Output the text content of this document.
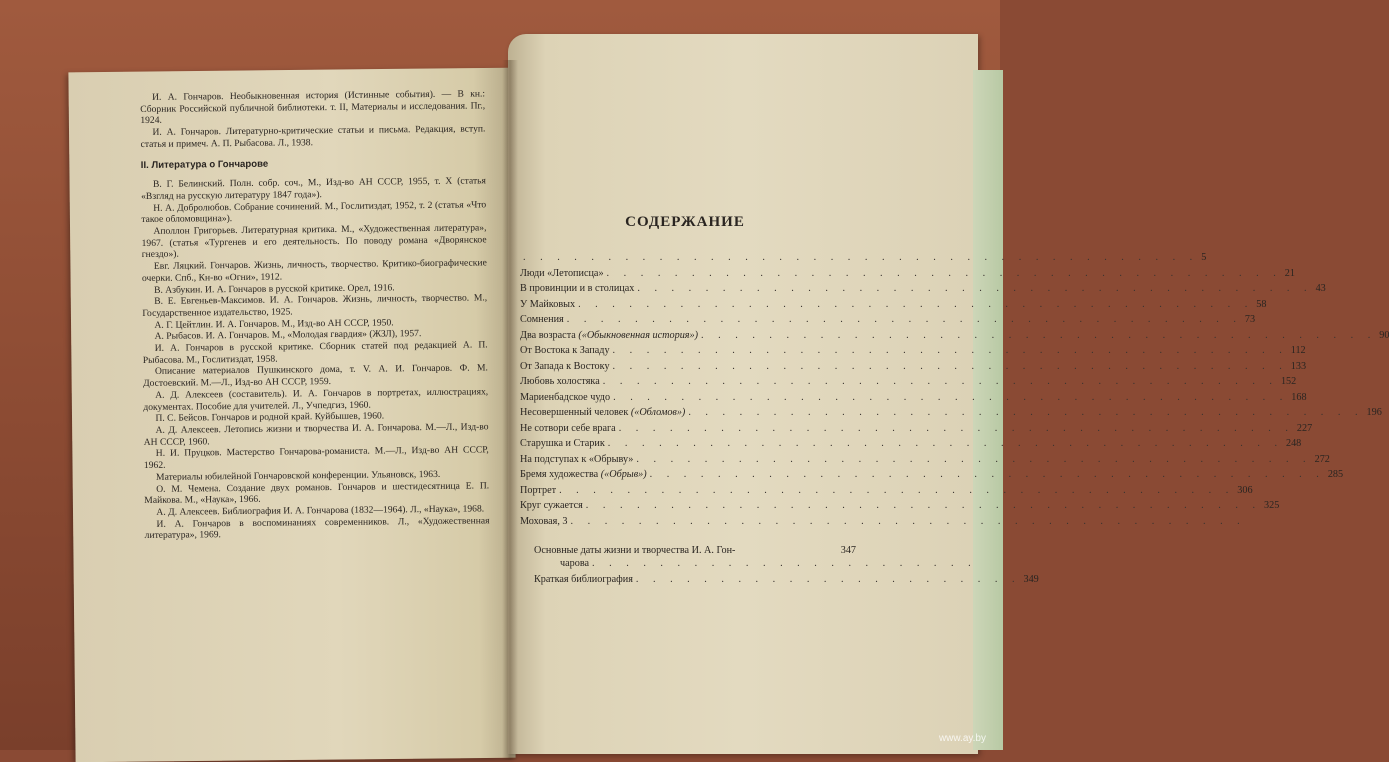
И. А. Гончаров. Необыкновенная история (Истинные события). — В кн.: Сборник Российской публичной библиотеки. т. II, Материалы и исследования. Пг., 1924.

И. А. Гончаров. Литературно-критические статьи и письма. Редакция, вступ. статья и примеч. А. П. Рыбасова. Л., 1938.

II. Литература о Гончарове

В. Г. Белинский. Полн. собр. соч., М., Изд-во АН СССР, 1955, т. X (статья «Взгляд на русскую литературу 1847 года»).

Н. А. Добролюбов. Собрание сочинений. М., Гослитиздат, 1952, т. 2 (статья «Что такое обломовщина»).

Аполлон Григорьев. Литературная критика. М., «Художественная литература», 1967. (статья «Тургенев и его деятельность. По поводу романа «Дворянское гнездо»).

Евг. Ляцкий. Гончаров. Жизнь, личность, творчество. Критико-биографические очерки. Спб., Кн-во «Огни», 1912.

В. Азбукин. И. А. Гончаров в русской критике. Орел, 1916.

В. Е. Евгеньев-Максимов. И. А. Гончаров. Жизнь, личность, творчество. М., Государственное издательство, 1925.

А. Г. Цейтлин. И. А. Гончаров. М., Изд-во АН СССР, 1950.

А. Рыбасов. И. А. Гончаров. М., «Молодая гвардия» (ЖЗЛ), 1957.

И. А. Гончаров в русской критике. Сборник статей под редакцией А. П. Рыбасова. М., Гослитиздат, 1958.

Описание материалов Пушкинского дома, т. V. А. И. Гончаров. Ф. М. Достоевский. М.—Л., Изд-во АН СССР, 1959.

А. Д. Алексеев (составитель). И. А. Гончаров в портретах, иллюстрациях, документах. Пособие для учителей. Л., Учпедгиз, 1960.

П. С. Бейсов. Гончаров и родной край. Куйбышев, 1960.

А. Д. Алексеев. Летопись жизни и творчества И. А. Гончарова. М.—Л., Изд-во АН СССР, 1960.

Н. И. Пруцков. Мастерство Гончарова-романиста. М.—Л., Изд-во АН СССР, 1962.

Материалы юбилейной Гончаровской конференции. Ульяновск, 1963.

О. М. Чемена. Создание двух романов. Гончаров и шестидесятница Е. П. Майкова. М., «Наука», 1966.

А. Д. Алексеев. Библиография И. А. Гончарова (1832—1964). Л., «Наука», 1968.

И. А. Гончаров в воспоминаниях современников. Л., «Художественная литература», 1969.

СОДЕРЖАНИЕ
. . . . . . . . . . . . . . . . . . . . . . . . . . . . . . . . . . . . . . . . 5
Люди «Летописца» . . . . . . . . . . . . . . . . . . . . . . . . . . . . . . . . . . . . . . . . 21
В провинции и в столицах . . . . . . . . . . . . . . . . . . . . . . . . . . . . . . . . . . . . . . . . 43
У Майковых . . . . . . . . . . . . . . . . . . . . . . . . . . . . . . . . . . . . . . . . 58
Сомнения . . . . . . . . . . . . . . . . . . . . . . . . . . . . . . . . . . . . . . . . 73
Два возраста («Обыкновенная история») . . . . . . . . . . . . . . . . . . . . . . . . . . . . . . . . . . . . . . . . 90
От Востока к Западу . . . . . . . . . . . . . . . . . . . . . . . . . . . . . . . . . . . . . . . . 112
От Запада к Востоку . . . . . . . . . . . . . . . . . . . . . . . . . . . . . . . . . . . . . . . . 133
Любовь холостяка . . . . . . . . . . . . . . . . . . . . . . . . . . . . . . . . . . . . . . . . 152
Мариенбадское чудо . . . . . . . . . . . . . . . . . . . . . . . . . . . . . . . . . . . . . . . . 168
Несовершенный человек («Обломов») . . . . . . . . . . . . . . . . . . . . . . . . . . . . . . . . . . . . . . . . 196
Не сотвори себе врага . . . . . . . . . . . . . . . . . . . . . . . . . . . . . . . . . . . . . . . . 227
Старушка и Старик . . . . . . . . . . . . . . . . . . . . . . . . . . . . . . . . . . . . . . . . 248
На подступах к «Обрыву» . . . . . . . . . . . . . . . . . . . . . . . . . . . . . . . . . . . . . . . . 272
Бремя художества («Обрыв») . . . . . . . . . . . . . . . . . . . . . . . . . . . . . . . . . . . . . . . . 285
Портрет . . . . . . . . . . . . . . . . . . . . . . . . . . . . . . . . . . . . . . . . 306
Круг сужается . . . . . . . . . . . . . . . . . . . . . . . . . . . . . . . . . . . . . . . . 325
Моховая, 3 . . . . . . . . . . . . . . . . . . . . . . . . . . . . . . . . . . . . . . . .
Основные даты жизни и творчества И. А. Гон-	347
чарова . . . . . . . . . . . . . . . . . . . . . . .
Краткая библиография . . . . . . . . . . . . . . . . . . . . . . . 349
www.ay.by
